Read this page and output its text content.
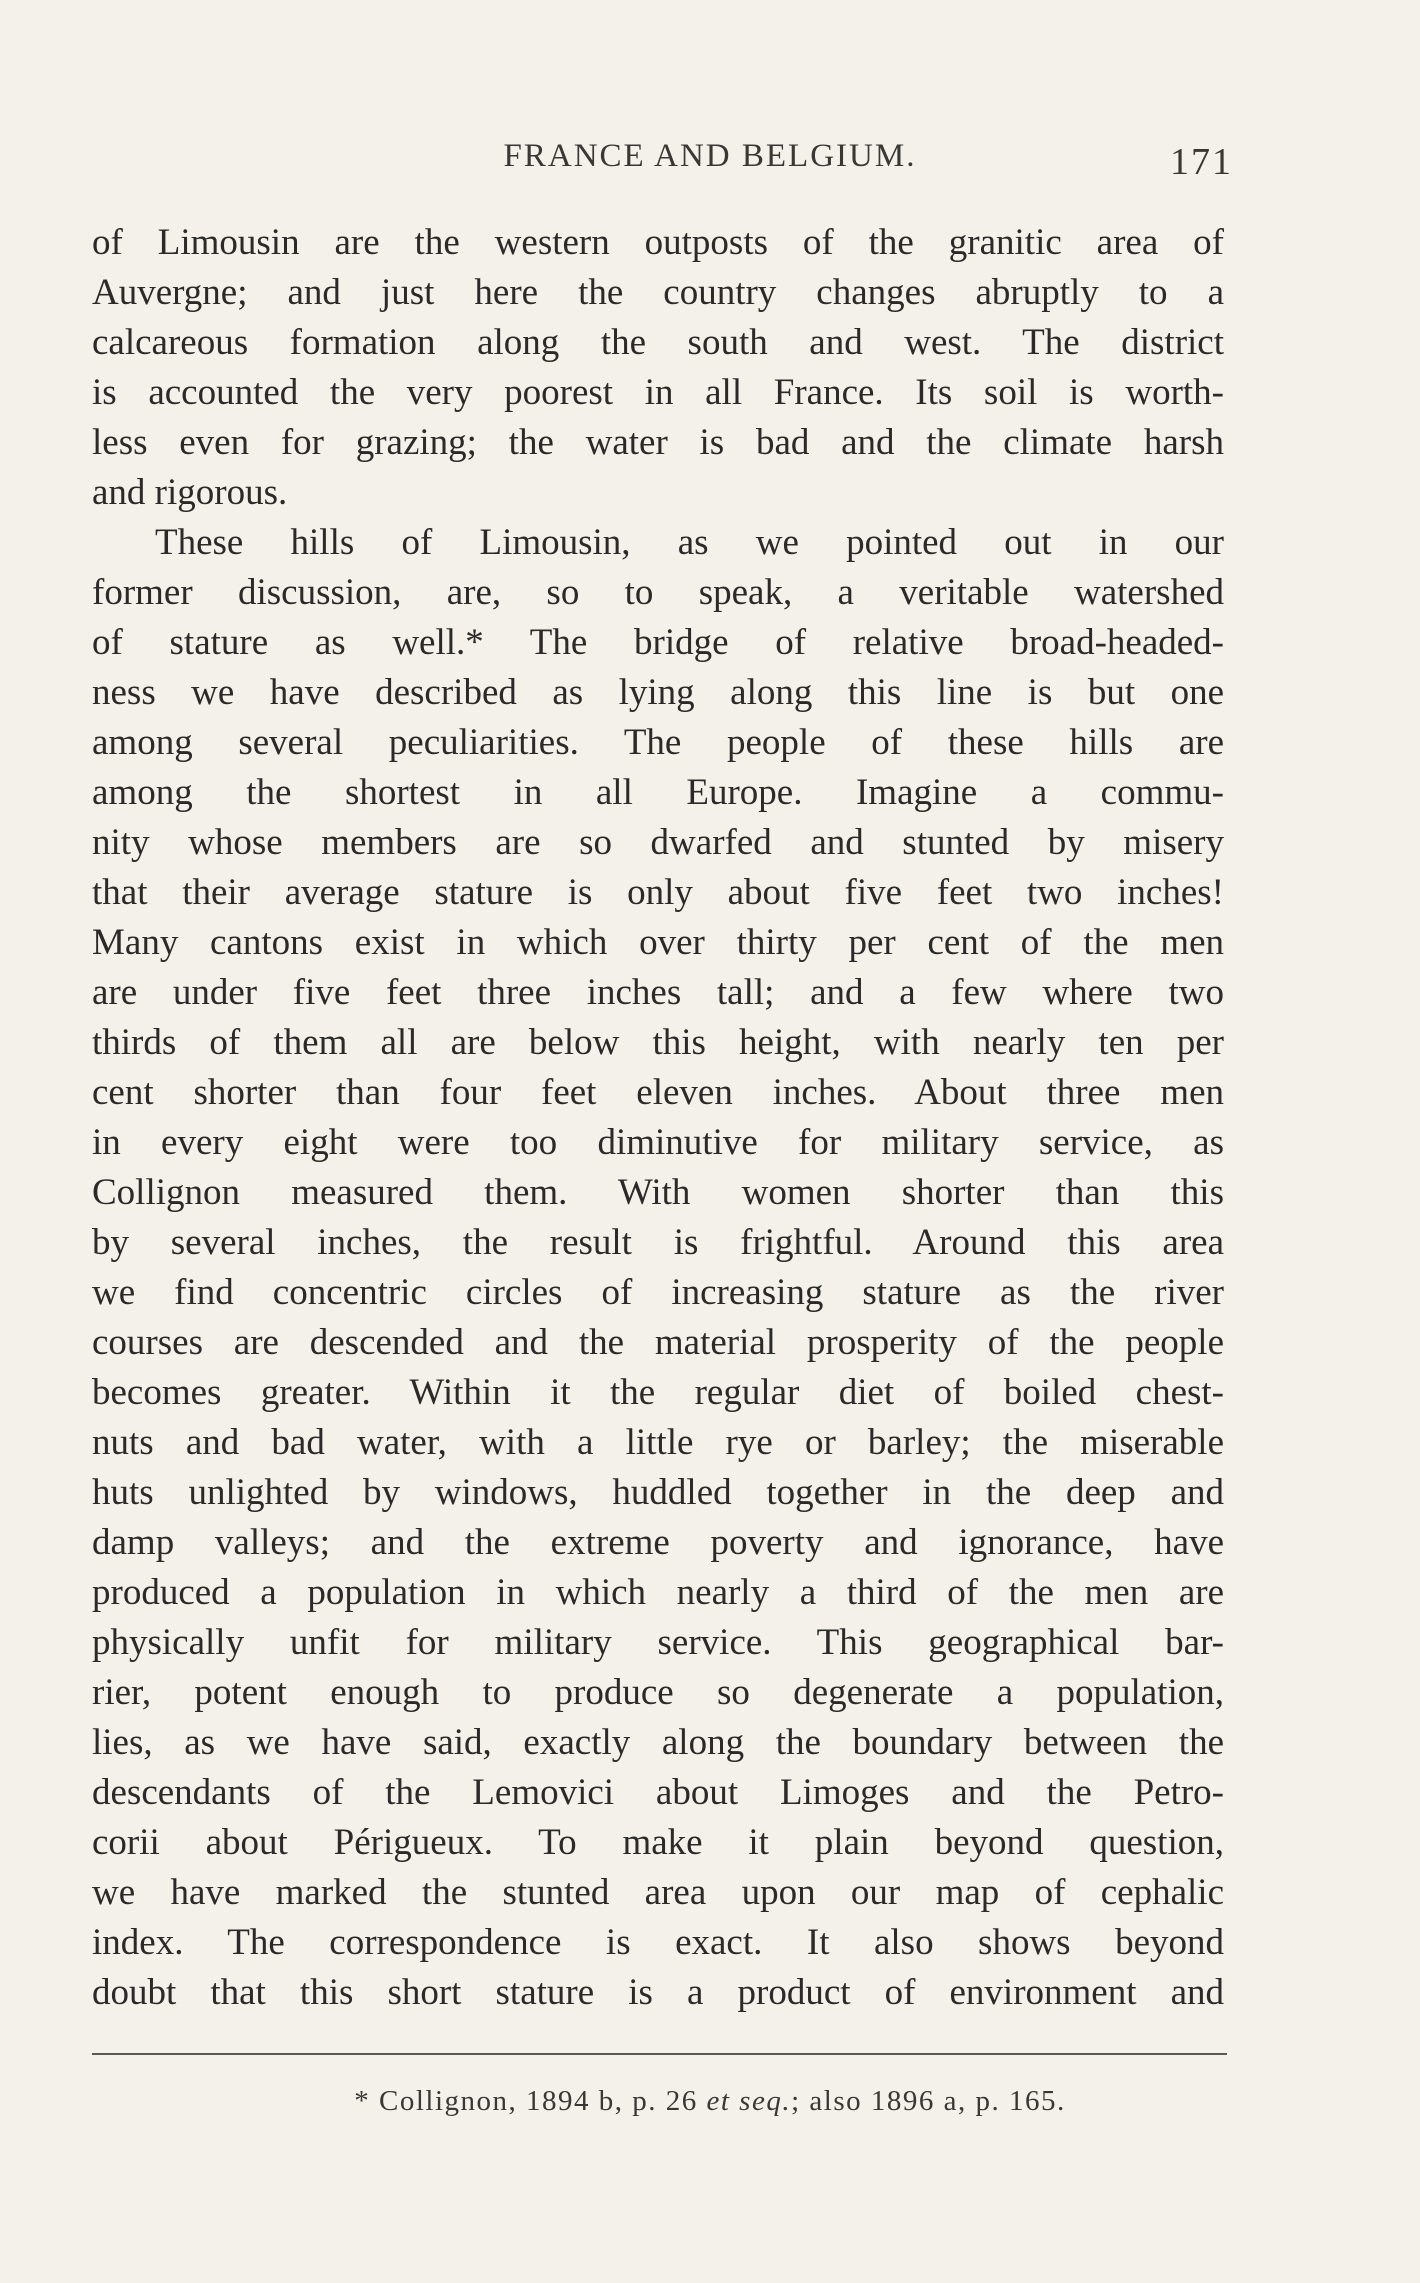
FRANCE AND BELGIUM.	171
of Limousin are the western outposts of the granitic area of
Auvergne; and just here the country changes abruptly to a
calcareous formation along the south and west. The district
is accounted the very poorest in all France. Its soil is worth-
less even for grazing; the water is bad and the climate harsh
and rigorous.
These hills of Limousin, as we pointed out in our
former discussion, are, so to speak, a veritable watershed
of stature as well.* The bridge of relative broad-headed-
ness we have described as lying along this line is but one
among several peculiarities. The people of these hills are
among the shortest in all Europe. Imagine a commu-
nity whose members are so dwarfed and stunted by misery
that their average stature is only about five feet two inches!
Many cantons exist in which over thirty per cent of the men
are under five feet three inches tall; and a few where two
thirds of them all are below this height, with nearly ten per
cent shorter than four feet eleven inches. About three men
in every eight were too diminutive for military service, as
Collignon measured them. With women shorter than this
by several inches, the result is frightful. Around this area
we find concentric circles of increasing stature as the river
courses are descended and the material prosperity of the people
becomes greater. Within it the regular diet of boiled chest-
nuts and bad water, with a little rye or barley; the miserable
huts unlighted by windows, huddled together in the deep and
damp valleys; and the extreme poverty and ignorance, have
produced a population in which nearly a third of the men are
physically unfit for military service. This geographical bar-
rier, potent enough to produce so degenerate a population,
lies, as we have said, exactly along the boundary between the
descendants of the Lemovici about Limoges and the Petro-
corii about Périgueux. To make it plain beyond question,
we have marked the stunted area upon our map of cephalic
index. The correspondence is exact. It also shows beyond
doubt that this short stature is a product of environment and
* Collignon, 1894 b, p. 26 et seq.; also 1896 a, p. 165.
